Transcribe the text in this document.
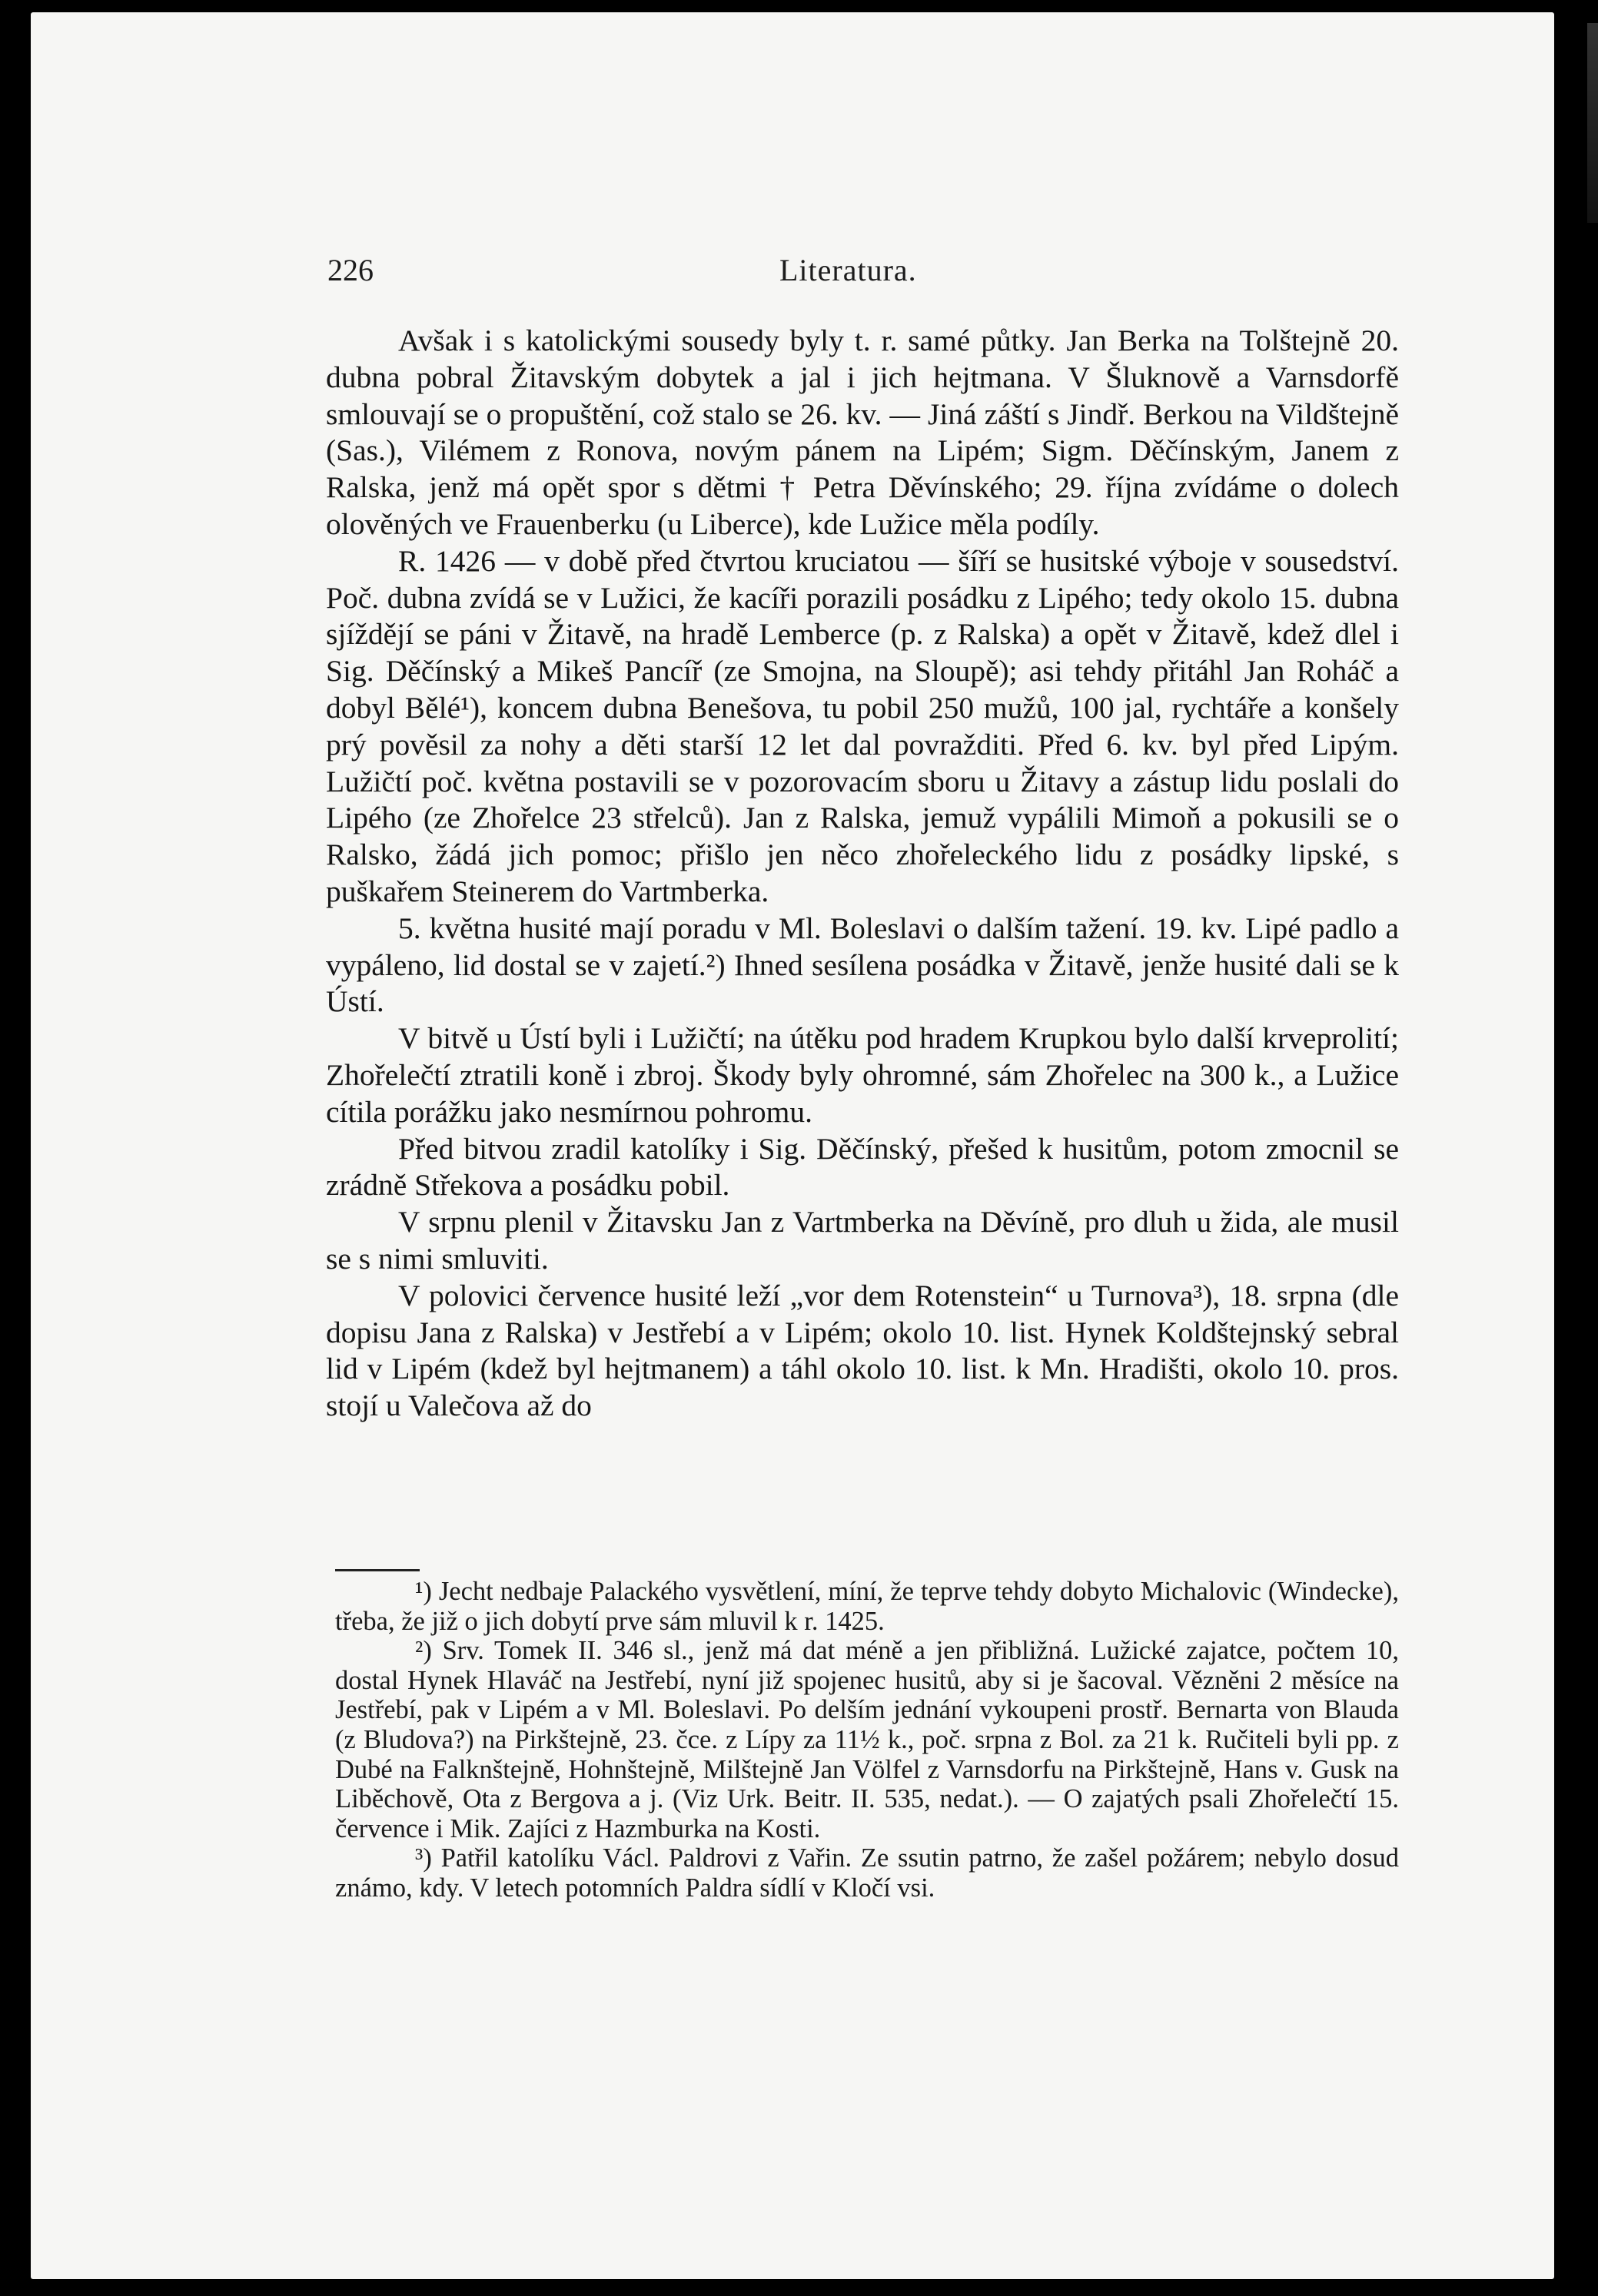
226	Literatura.

Avšak i s katolickými sousedy byly t. r. samé půtky. Jan Berka na Tolštejně 20. dubna pobral Žitavským dobytek a jal i jich hejtmana. V Šluknově a Varnsdorfě smlouvají se o propuštění, což stalo se 26. kv. — Jiná záští s Jindř. Berkou na Vildštejně (Sas.), Vilémem z Ronova, novým pánem na Lipém; Sigm. Děčínským, Janem z Ralska, jenž má opět spor s dětmi † Petra Děvínského; 29. října zvídáme o dolech olověných ve Frauenberku (u Liberce), kde Lužice měla podíly.

R. 1426 — v době před čtvrtou kruciatou — šíří se husitské výboje v sousedství. Poč. dubna zvídá se v Lužici, že kacíři porazili posádku z Lipého; tedy okolo 15. dubna sjíždějí se páni v Žitavě, na hradě Lemberce (p. z Ralska) a opět v Žitavě, kdež dlel i Sig. Děčínský a Mikeš Pancíř (ze Smojna, na Sloupě); asi tehdy přitáhl Jan Roháč a dobyl Bělé¹), koncem dubna Benešova, tu pobil 250 mužů, 100 jal, rychtáře a konšely prý pověsil za nohy a děti starší 12 let dal povražditi. Před 6. kv. byl před Lipým. Lužičtí poč. května postavili se v pozorovacím sboru u Žitavy a zástup lidu poslali do Lipého (ze Zhořelce 23 střelců). Jan z Ralska, jemuž vypálili Mimoň a pokusili se o Ralsko, žádá jich pomoc; přišlo jen něco zhořeleckého lidu z posádky lipské, s puškařem Steinerem do Vartmberka.

5. května husité mají poradu v Ml. Boleslavi o dalším tažení. 19. kv. Lipé padlo a vypáleno, lid dostal se v zajetí.²) Ihned sesílena posádka v Žitavě, jenže husité dali se k Ústí.

V bitvě u Ústí byli i Lužičtí; na útěku pod hradem Krupkou bylo další krveprolití; Zhořelečtí ztratili koně i zbroj. Škody byly ohromné, sám Zhořelec na 300 k., a Lužice cítila porážku jako nesmírnou pohromu.

Před bitvou zradil katolíky i Sig. Děčínský, přešed k husitům, potom zmocnil se zrádně Střekova a posádku pobil.

V srpnu plenil v Žitavsku Jan z Vartmberka na Děvíně, pro dluh u žida, ale musil se s nimi smluviti.

V polovici července husité leží „vor dem Rotenstein“ u Turnova³), 18. srpna (dle dopisu Jana z Ralska) v Jestřebí a v Lipém; okolo 10. list. Hynek Koldštejnský sebral lid v Lipém (kdež byl hejtmanem) a táhl okolo 10. list. k Mn. Hradišti, okolo 10. pros. stojí u Valečova až do

¹) Jecht nedbaje Palackého vysvětlení, míní, že teprve tehdy dobyto Michalovic (Windecke), třeba, že již o jich dobytí prve sám mluvil k r. 1425.

²) Srv. Tomek II. 346 sl., jenž má dat méně a jen přibližná. Lužické zajatce, počtem 10, dostal Hynek Hlaváč na Jestřebí, nyní již spojenec husitů, aby si je šacoval. Vězněni 2 měsíce na Jestřebí, pak v Lipém a v Ml. Boleslavi. Po delším jednání vykoupeni prostř. Bernarta von Blauda (z Bludova?) na Pirkštejně, 23. čce. z Lípy za 11½ k., poč. srpna z Bol. za 21 k. Ručiteli byli pp. z Dubé na Falknštejně, Hohnštejně, Milštejně Jan Völfel z Varnsdorfu na Pirkštejně, Hans v. Gusk na Liběchově, Ota z Bergova a j. (Viz Urk. Beitr. II. 535, nedat.). — O zajatých psali Zhořelečtí 15. července i Mik. Zajíci z Hazmburka na Kosti.

³) Patřil katolíku Václ. Paldrovi z Vařin. Ze ssutin patrno, že zašel požárem; nebylo dosud známo, kdy. V letech potomních Paldra sídlí v Kločí vsi.
